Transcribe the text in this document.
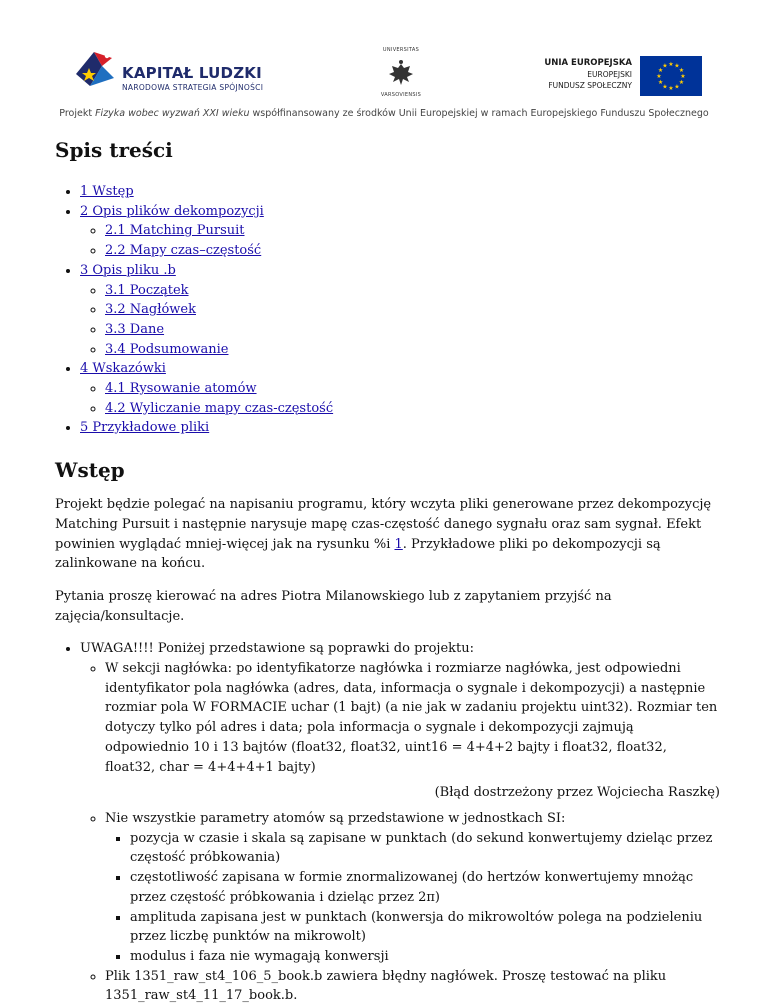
KAPITAŁ LUDZKI
NARODOWA STRATEGIA SPÓJNOŚCI
UNIVERSITAS
VARSOVIENSIS
UNIA EUROPEJSKA
EUROPEJSKI
FUNDUSZ SPOŁECZNY
★
★
★
★
★
★
★
★
★ ★ ★
★
Projekt Fizyka wobec wyzwań XXI wieku współfinansowany ze środków Unii Europejskiej w ramach Europejskiego Funduszu Społecznego
Spis treści
• 1 Wstęp
• 2 Opis plików dekompozycji
◦ 2.1 Matching Pursuit
◦ 2.2 Mapy czas–częstość
• 3 Opis pliku .b
◦ 3.1 Początek
◦ 3.2 Nagłówek
◦ 3.3 Dane
◦ 3.4 Podsumowanie
• 4 Wskazówki
◦ 4.1 Rysowanie atomów
◦ 4.2 Wyliczanie mapy czas-częstość
• 5 Przykładowe pliki
Wstęp

Projekt będzie polegać na napisaniu programu, który wczyta pliki generowane przez dekompozycję Matching Pursuit i następnie narysuje mapę czas-częstość danego sygnału oraz sam sygnał. Efekt powinien wyglądać mniej-więcej jak na rysunku %i 1. Przykładowe pliki po dekompozycji są zalinkowane na końcu.

Pytania proszę kierować na adres Piotra Milanowskiego lub z zapytaniem przyjść na zajęcia/konsultacje.

• UWAGA!!!! Poniżej przedstawione są poprawki do projektu:
◦ W sekcji nagłówka: po identyfikatorze nagłówka i rozmiarze nagłówka, jest odpowiedni identyfikator pola nagłówka (adres, data, informacja o sygnale i dekompozycji) a następnie rozmiar pola W FORMACIE uchar (1 bajt) (a nie jak w zadaniu projektu uint32). Rozmiar ten dotyczy tylko pól adres i data; pola informacja o sygnale i dekompozycji zajmują odpowiednio 10 i 13 bajtów (float32, float32, uint16 = 4+4+2 bajty i float32, float32, float32, char = 4+4+4+1 bajty)
(Błąd dostrzeżony przez Wojciecha Raszkę)
◦ Nie wszystkie parametry atomów są przedstawione w jednostkach SI:
▪ pozycja w czasie i skala są zapisane w punktach (do sekund konwertujemy dzieląc przez częstość próbkowania)
▪ częstotliwość zapisana w formie znormalizowanej (do hertzów konwertujemy mnożąc przez częstość próbkowania i dzieląc przez 2π)
▪ amplituda zapisana jest w punktach (konwersja do mikrowoltów polega na podzieleniu przez liczbę punktów na mikrowolt)
▪ modulus i faza nie wymagają konwersji
◦ Plik 1351_raw_st4_106_5_book.b zawiera błędny nagłówek. Proszę testować na pliku 1351_raw_st4_11_17_book.b.
